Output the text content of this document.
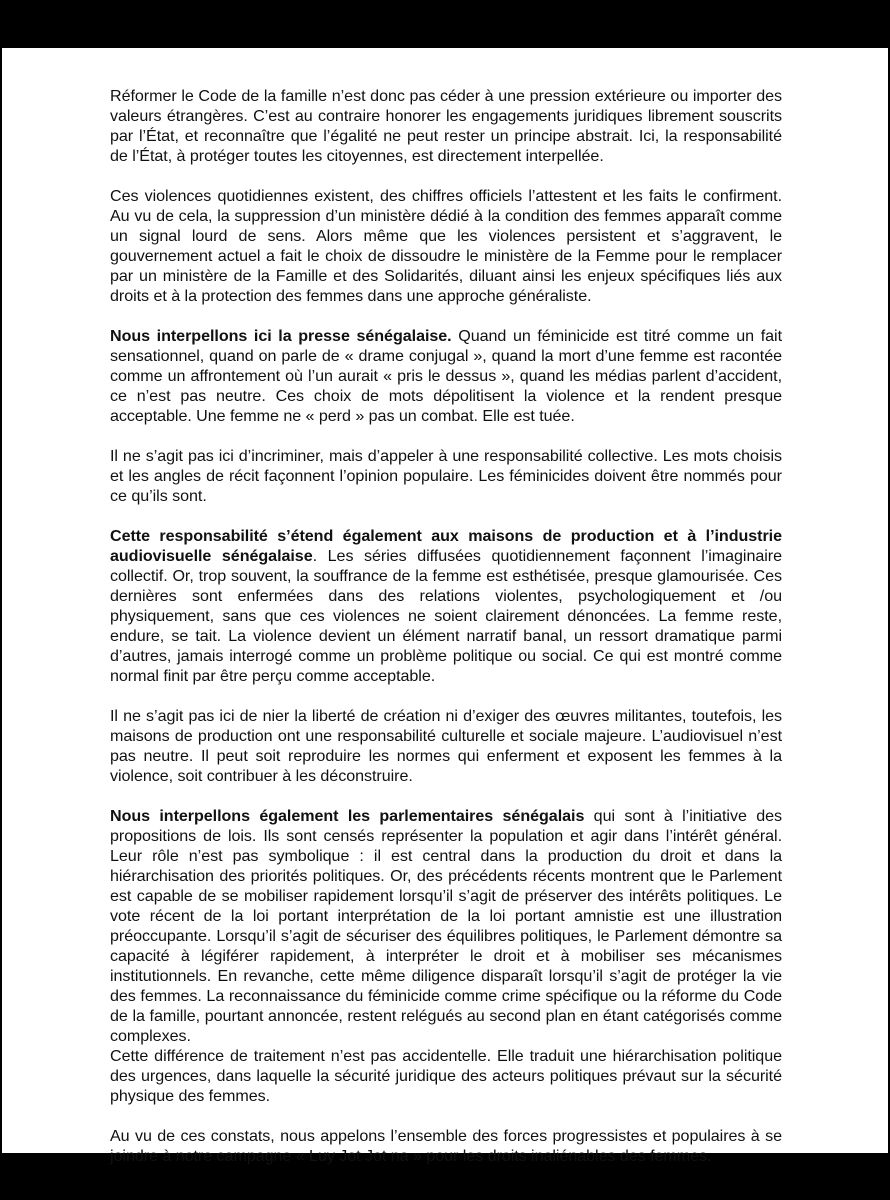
Réformer le Code de la famille n’est donc pas céder à une pression extérieure ou importer des valeurs étrangères. C’est au contraire honorer les engagements juridiques librement souscrits par l’État, et reconnaître que l’égalité ne peut rester un principe abstrait. Ici, la responsabilité de l’État, à protéger toutes les citoyennes, est directement interpellée.

Ces violences quotidiennes existent, des chiffres officiels l’attestent et les faits le confirment. Au vu de cela, la suppression d’un ministère dédié à la condition des femmes apparaît comme un signal lourd de sens. Alors même que les violences persistent et s’aggravent, le gouvernement actuel a fait le choix de dissoudre le ministère de la Femme pour le remplacer par un ministère de la Famille et des Solidarités, diluant ainsi les enjeux spécifiques liés aux droits et à la protection des femmes dans une approche généraliste.

Nous interpellons ici la presse sénégalaise. Quand un féminicide est titré comme un fait sensationnel, quand on parle de « drame conjugal », quand la mort d’une femme est racontée comme un affrontement où l’un aurait « pris le dessus », quand les médias parlent d’accident, ce n’est pas neutre. Ces choix de mots dépolitisent la violence et la rendent presque acceptable. Une femme ne « perd » pas un combat. Elle est tuée.

Il ne s’agit pas ici d’incriminer, mais d’appeler à une responsabilité collective. Les mots choisis et les angles de récit façonnent l’opinion populaire. Les féminicides doivent être nommés pour ce qu’ils sont.

Cette responsabilité s’étend également aux maisons de production et à l’industrie audiovisuelle sénégalaise. Les séries diffusées quotidiennement façonnent l’imaginaire collectif. Or, trop souvent, la souffrance de la femme est esthétisée, presque glamourisée. Ces dernières sont enfermées dans des relations violentes, psychologiquement et /ou physiquement, sans que ces violences ne soient clairement dénoncées. La femme reste, endure, se tait. La violence devient un élément narratif banal, un ressort dramatique parmi d’autres, jamais interrogé comme un problème politique ou social. Ce qui est montré comme normal finit par être perçu comme acceptable.

Il ne s’agit pas ici de nier la liberté de création ni d’exiger des œuvres militantes, toutefois, les maisons de production ont une responsabilité culturelle et sociale majeure. L’audiovisuel n’est pas neutre. Il peut soit reproduire les normes qui enferment et exposent les femmes à la violence, soit contribuer à les déconstruire.

Nous interpellons également les parlementaires sénégalais qui sont à l’initiative des propositions de lois. Ils sont censés représenter la population et agir dans l’intérêt général. Leur rôle n’est pas symbolique : il est central dans la production du droit et dans la hiérarchisation des priorités politiques. Or, des précédents récents montrent que le Parlement est capable de se mobiliser rapidement lorsqu’il s’agit de préserver des intérêts politiques. Le vote récent de la loi portant interprétation de la loi portant amnistie est une illustration préoccupante. Lorsqu’il s’agit de sécuriser des équilibres politiques, le Parlement démontre sa capacité à légiférer rapidement, à interpréter le droit et à mobiliser ses mécanismes institutionnels. En revanche, cette même diligence disparaît lorsqu’il s’agit de protéger la vie des femmes. La reconnaissance du féminicide comme crime spécifique ou la réforme du Code de la famille, pourtant annoncée, restent relégués au second plan en étant catégorisés comme complexes.

Cette différence de traitement n’est pas accidentelle. Elle traduit une hiérarchisation politique des urgences, dans laquelle la sécurité juridique des acteurs politiques prévaut sur la sécurité physique des femmes.

Au vu de ces constats, nous appelons l’ensemble des forces progressistes et populaires à se joindre à notre campagne « Luy Jot Jot na » pour les droits inaliénables des femmes.
